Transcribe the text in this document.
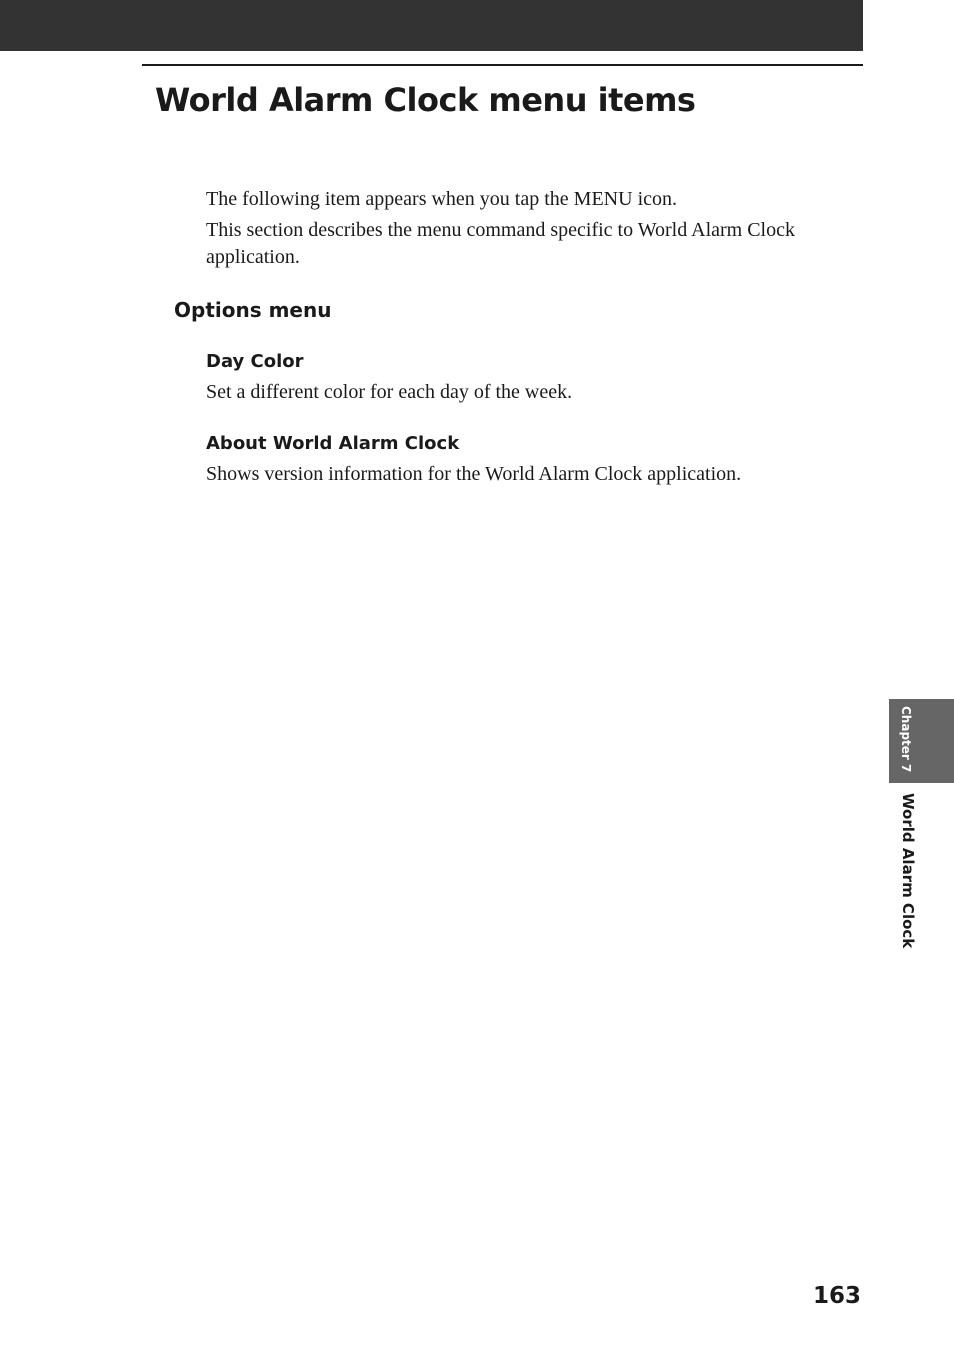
World Alarm Clock menu items

The following item appears when you tap the MENU icon.

This section describes the menu command specific to World Alarm Clock application.

Options menu
Day Color

Set a different color for each day of the week.

About World Alarm Clock

Shows version information for the World Alarm Clock application.

Chapter 7
World Alarm Clock
163
